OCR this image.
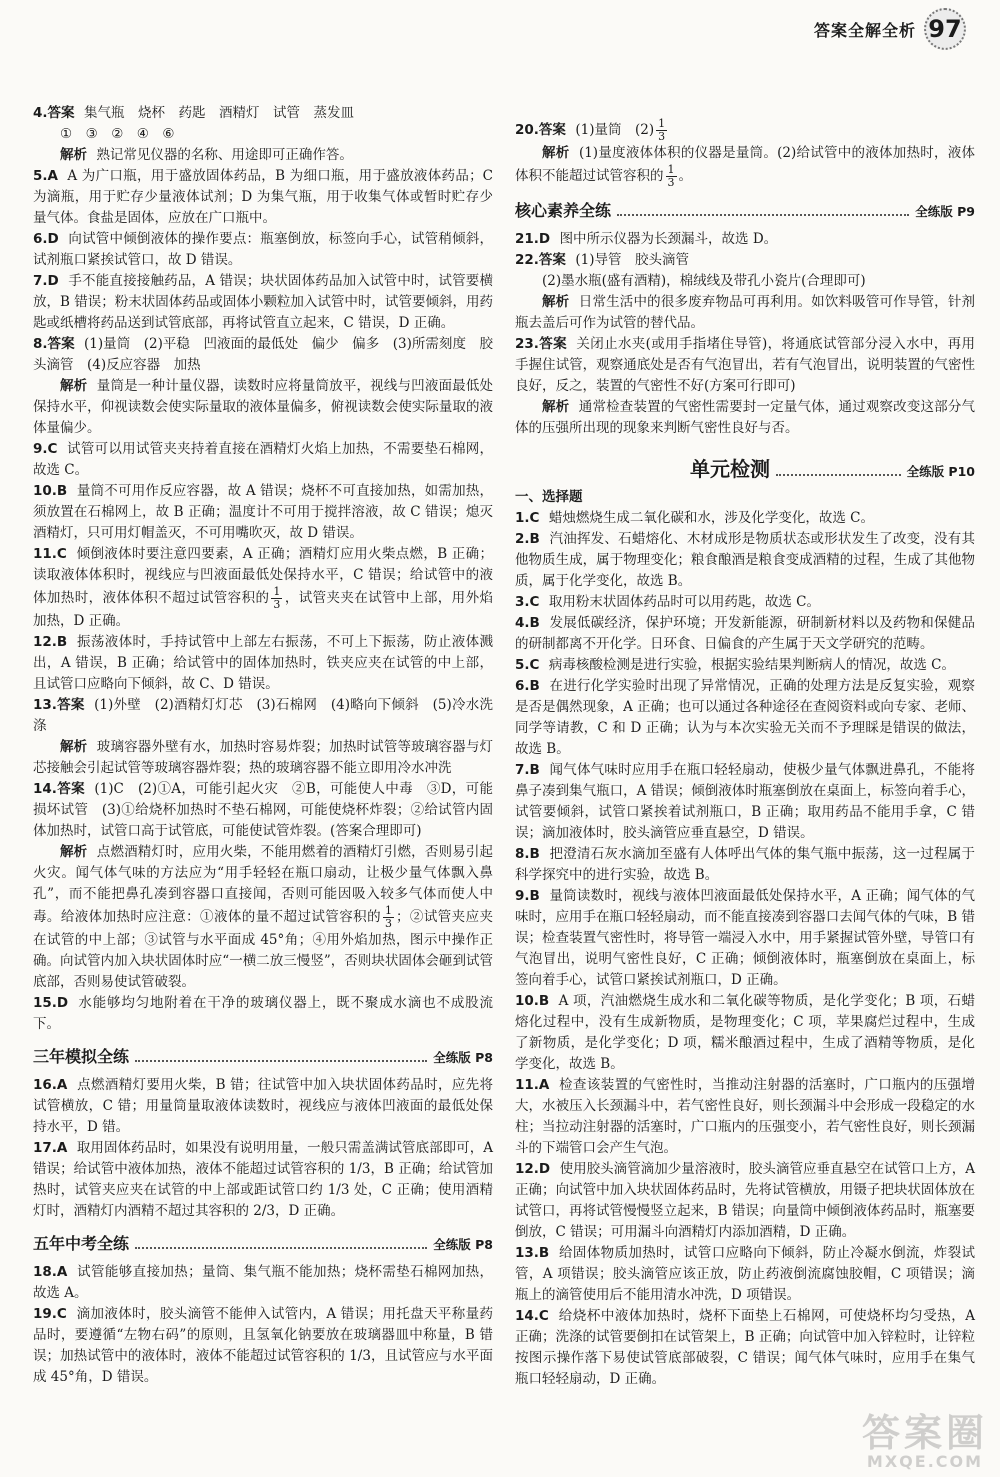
答案全解全析 97

4.答案 集气瓶　烧杯　药匙　酒精灯　试管　蒸发皿

①　③　②　④　⑥

解析 熟记常见仪器的名称、用途即可正确作答。

5.A A 为广口瓶，用于盛放固体药品，B 为细口瓶，用于盛放液体药品；C 为滴瓶，用于贮存少量液体试剂；D 为集气瓶，用于收集气体或暂时贮存少量气体。食盐是固体，应放在广口瓶中。

6.D 向试管中倾倒液体的操作要点：瓶塞倒放，标签向手心，试管稍倾斜，试剂瓶口紧挨试管口，故 D 错误。

7.D 手不能直接接触药品，A 错误；块状固体药品加入试管中时，试管要横放，B 错误；粉末状固体药品或固体小颗粒加入试管中时，试管要倾斜，用药匙或纸槽将药品送到试管底部，再将试管直立起来，C 错误，D 正确。

8.答案 (1)量筒　(2)平稳　凹液面的最低处　偏少　偏多　(3)所需刻度　胶头滴管　(4)反应容器　加热

解析 量筒是一种计量仪器，读数时应将量筒放平，视线与凹液面最低处保持水平，仰视读数会使实际量取的液体量偏多，俯视读数会使实际量取的液体量偏少。

9.C 试管可以用试管夹夹持着直接在酒精灯火焰上加热，不需要垫石棉网，故选 C。

10.B 量筒不可用作反应容器，故 A 错误；烧杯不可直接加热，如需加热，须放置在石棉网上，故 B 正确；温度计不可用于搅拌溶液，故 C 错误；熄灭酒精灯，只可用灯帽盖灭，不可用嘴吹灭，故 D 错误。

11.C 倾倒液体时要注意四要素，A 正确；酒精灯应用火柴点燃，B 正确；读取液体体积时，视线应与凹液面最低处保持水平，C 错误；给试管中的液体加热时，液体体积不超过试管容积的 $\frac{1}{3}$ ，试管夹夹在试管中上部，用外焰加热，D 正确。

12.B 振荡液体时，手持试管中上部左右振荡，不可上下振荡，防止液体溅出，A 错误，B 正确；给试管中的固体加热时，铁夹应夹在试管的中上部，且试管口应略向下倾斜，故 C、D 错误。

13.答案 (1)外壁　(2)酒精灯灯芯　(3)石棉网　(4)略向下倾斜　(5)冷水洗涤

解析 玻璃容器外壁有水，加热时容易炸裂；加热时试管等玻璃容器与灯芯接触会引起试管等玻璃容器炸裂；热的玻璃容器不能立即用冷水冲洗

14.答案 (1)C　(2)①A，可能引起火灾　②B，可能使人中毒　③D，可能损坏试管　(3)①给烧杯加热时不垫石棉网，可能使烧杯炸裂；②给试管内固体加热时，试管口高于试管底，可能使试管炸裂。(答案合理即可)

解析 点燃酒精灯时，应用火柴，不能用燃着的酒精灯引燃，否则易引起火灾。闻气体气味的方法应为“用手轻轻在瓶口扇动，让极少量气体飘入鼻孔”，而不能把鼻孔凑到容器口直接闻，否则可能因吸入较多气体而使人中毒。给液体加热时应注意：①液体的量不超过试管容积的 $\frac{1}{3}$ ；②试管夹应夹在试管的中上部；③试管与水平面成 45°角；④用外焰加热，图示中操作正确。向试管内加入块状固体时应“一横二放三慢竖”，否则块状固体会砸到试管底部，否则易使试管破裂。

15.D 水能够均匀地附着在干净的玻璃仪器上，既不聚成水滴也不成股流下。

三年模拟全练	全练版 P8

16.A 点燃酒精灯要用火柴，B 错；往试管中加入块状固体药品时，应先将试管横放，C 错；用量筒量取液体读数时，视线应与液体凹液面的最低处保持水平，D 错。

17.A 取用固体药品时，如果没有说明用量，一般只需盖满试管底部即可，A 错误；给试管中液体加热，液体不能超过试管容积的 1/3，B 正确；给试管加热时，试管夹应夹在试管的中上部或距试管口约 1/3 处，C 正确；使用酒精灯时，酒精灯内酒精不超过其容积的 2/3，D 正确。

五年中考全练	全练版 P8

18.A 试管能够直接加热；量筒、集气瓶不能加热；烧杯需垫石棉网加热，故选 A。

19.C 滴加液体时，胶头滴管不能伸入试管内，A 错误；用托盘天平称量药品时，要遵循“左物右码”的原则，且氢氧化钠要放在玻璃器皿中称量，B 错误；加热试管中的液体时，液体不能超过试管容积的 1/3，且试管应与水平面成 45°角，D 错误。

20.答案 (1)量筒　$(2) \frac{1}{3}$

解析 (1)量度液体体积的仪器是量筒。(2)给试管中的液体加热时，液体体积不能超过试管容积的 $\frac{1}{3}$ 。

核心素养全练	全练版 P9

21.D 图中所示仪器为长颈漏斗，故选 D。

22.答案 (1)导管　胶头滴管

(2)墨水瓶(盛有酒精)，棉绒线及带孔小瓷片(合理即可)

解析 日常生活中的很多废弃物品可再利用。如饮料吸管可作导管，针剂瓶去盖后可作为试管的替代品。

23.答案 关闭止水夹(或用手指堵住导管)，将通底试管部分浸入水中，再用手握住试管，观察通底处是否有气泡冒出，若有气泡冒出，说明装置的气密性良好，反之，装置的气密性不好(方案可行即可)

解析 通常检查装置的气密性需要封一定量气体，通过观察改变这部分气体的压强所出现的现象来判断气密性良好与否。

单元检测	全练版 P10

一、选择题

1.C 蜡烛燃烧生成二氧化碳和水，涉及化学变化，故选 C。

2.B 汽油挥发、石蜡熔化、木材成形是物质状态或形状发生了改变，没有其他物质生成，属于物理变化；粮食酿酒是粮食变成酒精的过程，生成了其他物质，属于化学变化，故选 B。

3.C 取用粉末状固体药品时可以用药匙，故选 C。

4.B 发展低碳经济，保护环境；开发新能源，研制新材料以及药物和保健品的研制都离不开化学。日环食、日偏食的产生属于天文学研究的范畴。

5.C 病毒核酸检测是进行实验，根据实验结果判断病人的情况，故选 C。

6.B 在进行化学实验时出现了异常情况，正确的处理方法是反复实验，观察是否是偶然现象，A 正确；也可以通过各种途径在查阅资料或向专家、老师、同学等请教，C 和 D 正确；认为与本次实验无关而不予理睬是错误的做法，故选 B。

7.B 闻气体气味时应用手在瓶口轻轻扇动，使极少量气体飘进鼻孔，不能将鼻子凑到集气瓶口，A 错误；倾倒液体时瓶塞倒放在桌面上，标签向着手心，试管要倾斜，试管口紧挨着试剂瓶口，B 正确；取用药品不能用手拿，C 错误；滴加液体时，胶头滴管应垂直悬空，D 错误。

8.B 把澄清石灰水滴加至盛有人体呼出气体的集气瓶中振荡，这一过程属于科学探究中的进行实验，故选 B。

9.B 量筒读数时，视线与液体凹液面最低处保持水平，A 正确；闻气体的气味时，应用手在瓶口轻轻扇动，而不能直接凑到容器口去闻气体的气味，B 错误；检查装置气密性时，将导管一端浸入水中，用手紧握试管外壁，导管口有气泡冒出，说明气密性良好，C 正确；倾倒液体时，瓶塞倒放在桌面上，标签向着手心，试管口紧挨试剂瓶口，D 正确。

10.B A 项，汽油燃烧生成水和二氧化碳等物质，是化学变化；B 项，石蜡熔化过程中，没有生成新物质，是物理变化；C 项，苹果腐烂过程中，生成了新物质，是化学变化；D 项，糯米酿酒过程中，生成了酒精等物质，是化学变化，故选 B。

11.A 检查该装置的气密性时，当推动注射器的活塞时，广口瓶内的压强增大，水被压入长颈漏斗中，若气密性良好，则长颈漏斗中会形成一段稳定的水柱；当拉动注射器的活塞时，广口瓶内的压强变小，若气密性良好，则长颈漏斗的下端管口会产生气泡。

12.D 使用胶头滴管滴加少量溶液时，胶头滴管应垂直悬空在试管口上方，A 正确；向试管中加入块状固体药品时，先将试管横放，用镊子把块状固体放在试管口，再将试管慢慢竖立起来，B 错误；向量筒中倾倒液体药品时，瓶塞要倒放，C 错误；可用漏斗向酒精灯内添加酒精，D 正确。

13.B 给固体物质加热时，试管口应略向下倾斜，防止冷凝水倒流，炸裂试管，A 项错误；胶头滴管应该正放，防止药液倒流腐蚀胶帽，C 项错误；滴瓶上的滴管使用后不能用清水冲洗，D 项错误。

14.C 给烧杯中液体加热时，烧杯下面垫上石棉网，可使烧杯均匀受热，A 正确；洗涤的试管要倒扣在试管架上，B 正确；向试管中加入锌粒时，让锌粒按图示操作落下易使试管底部破裂，C 错误；闻气体气味时，应用手在集气瓶口轻轻扇动，D 正确。

答案圈
MXQE.COM
